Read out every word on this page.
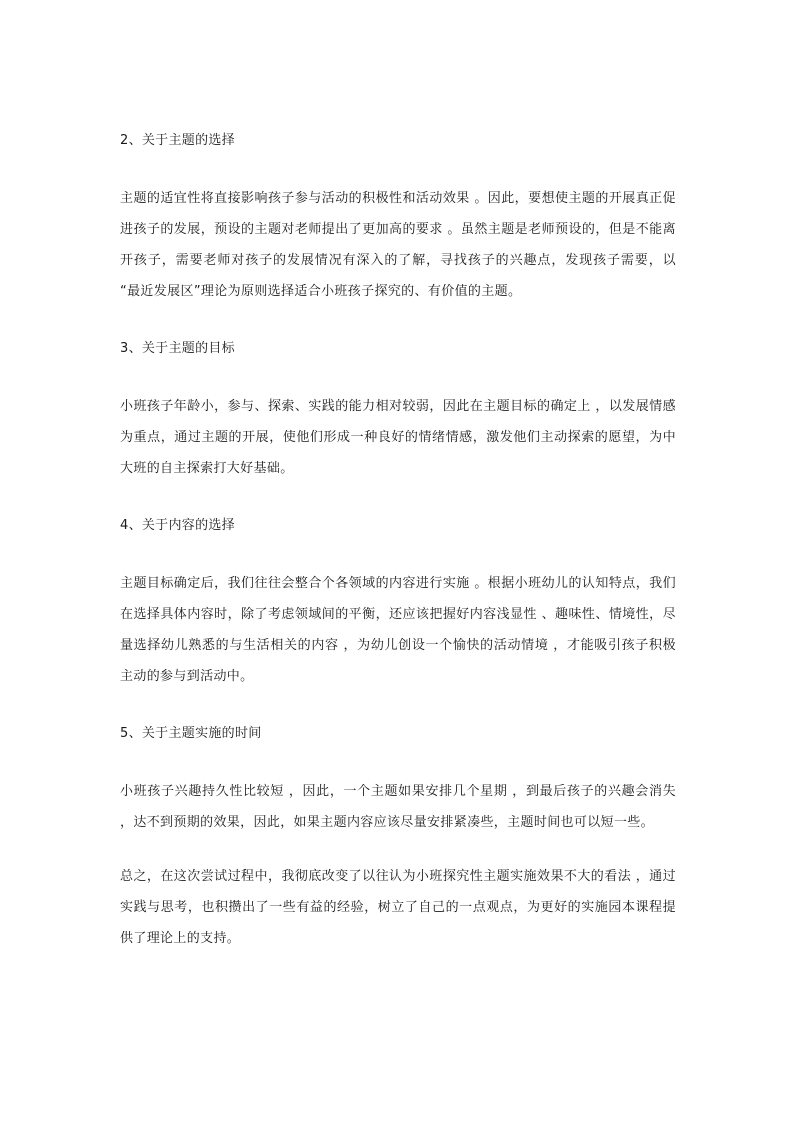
2、关于主题的选择
主题的适宜性将直接影响孩子参与活动的积极性和活动效果 。因此，要想使主题的开展真正促进孩子的发展，预设的主题对老师提出了更加高的要求 。虽然主题是老师预设的，但是不能离开孩子，需要老师对孩子的发展情况有深入的了解，寻找孩子的兴趣点，发现孩子需要，以 “最近发展区”理论为原则选择适合小班孩子探究的、有价值的主题。
3、关于主题的目标
小班孩子年龄小，参与、探索、实践的能力相对较弱，因此在主题目标的确定上 ，以发展情感为重点，通过主题的开展，使他们形成一种良好的情绪情感，激发他们主动探索的愿望，为中大班的自主探索打大好基础。
4、关于内容的选择
主题目标确定后，我们往往会整合个各领域的内容进行实施 。根据小班幼儿的认知特点，我们在选择具体内容时，除了考虑领域间的平衡，还应该把握好内容浅显性 、趣味性、情境性，尽量选择幼儿熟悉的与生活相关的内容 ，为幼儿创设一个愉快的活动情境 ，才能吸引孩子积极主动的参与到活动中。
5、关于主题实施的时间
小班孩子兴趣持久性比较短 ，因此，一个主题如果安排几个星期 ，到最后孩子的兴趣会消失 ，达不到预期的效果，因此，如果主题内容应该尽量安排紧凑些，主题时间也可以短一些。
总之，在这次尝试过程中，我彻底改变了以往认为小班探究性主题实施效果不大的看法 ，通过实践与思考，也积攒出了一些有益的经验，树立了自己的一点观点，为更好的实施园本课程提供了理论上的支持。
